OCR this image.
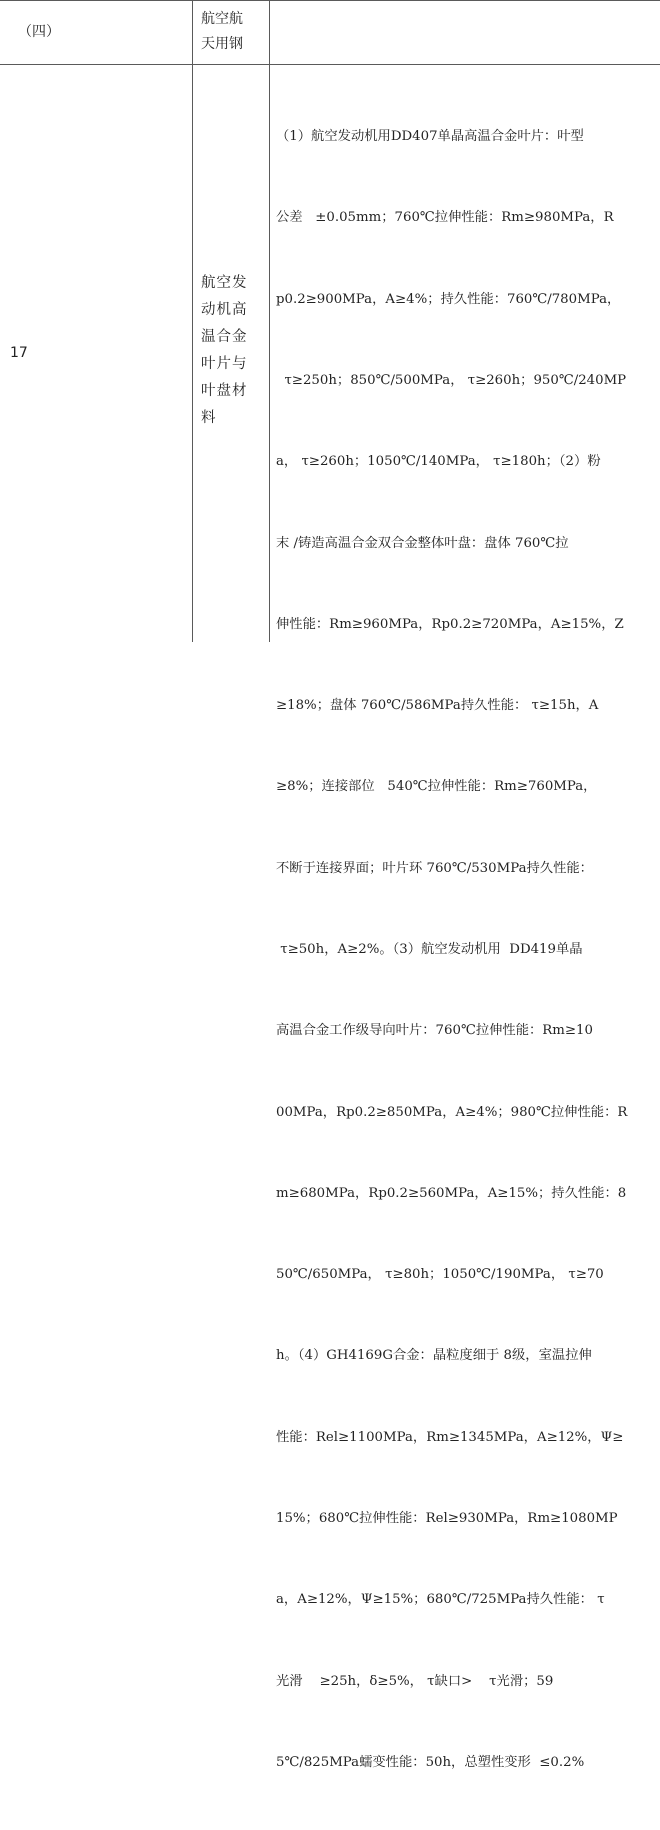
（四）
航空航
天用钢
17
航空发
动机高
温合金
叶片与
叶盘材
料

（1）航空发动机用DD407单晶高温合金叶片：叶型

公差   ±0.05mm；760℃拉伸性能：Rm≥980MPa，R

p0.2≥900MPa，A≥4%；持久性能：760℃/780MPa，

τ≥250h；850℃/500MPa， τ≥260h；950℃/240MP

a， τ≥260h；1050℃/140MPa， τ≥180h；（2）粉

末 /铸造高温合金双合金整体叶盘：盘体 760℃拉

伸性能：Rm≥960MPa，Rp0.2≥720MPa，A≥15%，Z

≥18%；盘体 760℃/586MPa持久性能： τ≥15h，A

≥8%；连接部位   540℃拉伸性能：Rm≥760MPa，

不断于连接界面；叶片环 760℃/530MPa持久性能：

τ≥50h，A≥2%。（3）航空发动机用  DD419单晶

高温合金工作级导向叶片：760℃拉伸性能：Rm≥10

00MPa，Rp0.2≥850MPa，A≥4%；980℃拉伸性能：R

m≥680MPa，Rp0.2≥560MPa，A≥15%；持久性能：8

50℃/650MPa， τ≥80h；1050℃/190MPa， τ≥70

h。（4）GH4169G合金：晶粒度细于 8级，室温拉伸

性能：Rel≥1100MPa，Rm≥1345MPa，A≥12%，Ψ≥

15%；680℃拉伸性能：Rel≥930MPa，Rm≥1080MP

a，A≥12%，Ψ≥15%；680℃/725MPa持久性能： τ

光滑    ≥25h，δ≥5%， τ缺口>    τ光滑；59

5℃/825MPa蠕变性能：50h，总塑性变形  ≤0.2%
